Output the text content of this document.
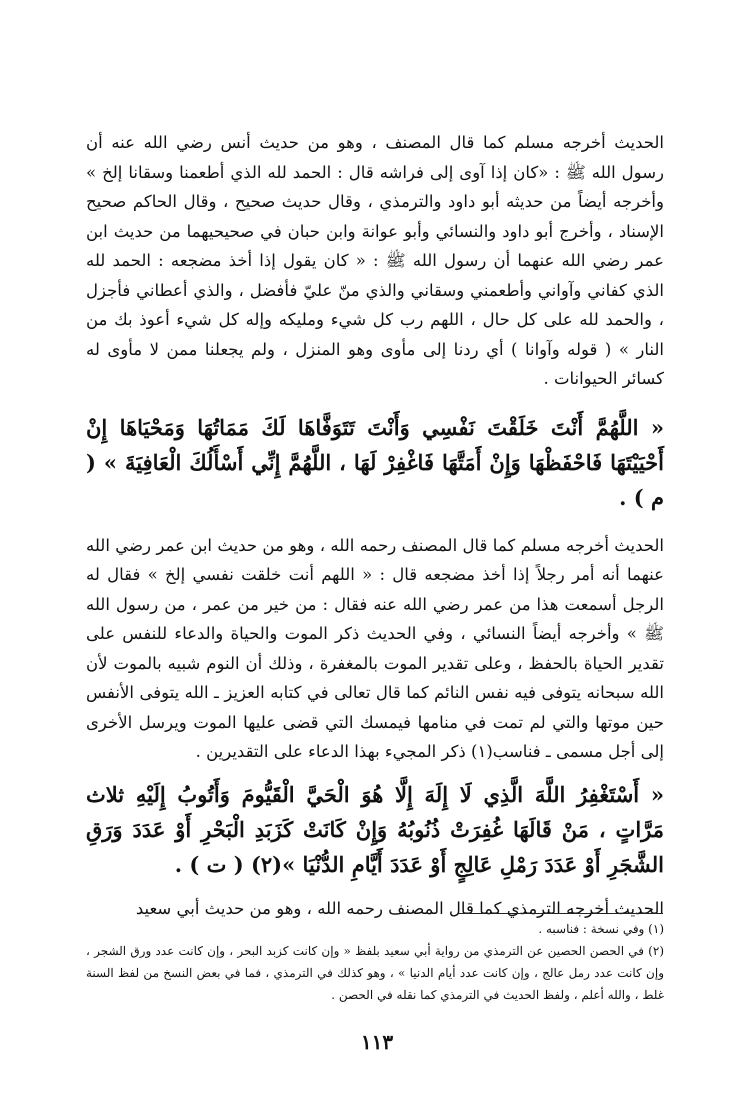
الحديث أخرجه مسلم كما قال المصنف ، وهو من حديث أنس رضي الله عنه أن رسول الله ﷺ : «كان إذا آوى إلى فراشه قال : الحمد لله الذي أطعمنا وسقانا إلخ » وأخرجه أيضاً من حديثه أبو داود والترمذي ، وقال حديث صحيح ، وقال الحاكم صحيح الإسناد ، وأخرج أبو داود والنسائي وأبو عوانة وابن حبان في صحيحيهما من حديث ابن عمر رضي الله عنهما أن رسول الله ﷺ : « كان يقول إذا أخذ مضجعه : الحمد لله الذي كفاني وآواني وأطعمني وسقاني والذي منّ عليّ فأفضل ، والذي أعطاني فأجزل ، والحمد لله على كل حال ، اللهم رب كل شيء ومليكه وإله كل شيء أعوذ بك من النار » ( قوله وآوانا ) أي ردنا إلى مأوى وهو المنزل ، ولم يجعلنا ممن لا مأوى له كسائر الحيوانات .

« اللَّهُمَّ أَنْتَ خَلَقْتَ نَفْسِي وَأَنْتَ تَتَوَفَّاهَا لَكَ مَمَاتُهَا وَمَحْيَاهَا إِنْ أَحْيَيْتَهَا فَاحْفَظْهَا وَإِنْ أَمَتَّهَا فَاغْفِرْ لَهَا ، اللَّهُمَّ إِنِّي أَسْأَلُكَ الْعَافِيَةَ » ( م ) .

الحديث أخرجه مسلم كما قال المصنف رحمه الله ، وهو من حديث ابن عمر رضي الله عنهما أنه أمر رجلاً إذا أخذ مضجعه قال : « اللهم أنت خلقت نفسي إلخ » فقال له الرجل أسمعت هذا من عمر رضي الله عنه فقال : من خير من عمر ، من رسول الله ﷺ » وأخرجه أيضاً النسائي ، وفي الحديث ذكر الموت والحياة والدعاء للنفس على تقدير الحياة بالحفظ ، وعلى تقدير الموت بالمغفرة ، وذلك أن النوم شبيه بالموت لأن الله سبحانه يتوفى فيه نفس النائم كما قال تعالى في كتابه العزيز ـ الله يتوفى الأنفس حين موتها والتي لم تمت في منامها فيمسك التي قضى عليها الموت ويرسل الأخرى إلى أجل مسمى ـ فناسب(١) ذكر المجيء بهذا الدعاء على التقديرين .

« أَسْتَغْفِرُ اللَّهَ الَّذِي لَا إِلَهَ إِلَّا هُوَ الْحَيَّ الْقَيُّومَ وَأَتُوبُ إِلَيْهِ ثلاث مَرَّاتٍ ، مَنْ قَالَهَا غُفِرَتْ ذُنُوبُهُ وَإِنْ كَانَتْ كَزَبَدِ الْبَحْرِ أَوْ عَدَدَ وَرَقِ الشَّجَرِ أَوْ عَدَدَ رَمْلِ عَالِجٍ أَوْ عَدَدَ أَيَّامِ الدُّنْيَا »(٢) ( ت ) .

الحديث أخرجه الترمذي كما قال المصنف رحمه الله ، وهو من حديث أبي سعيد

(١) وفي نسخة : فناسبه .

(٢) في الحصن الحصين عن الترمذي من رواية أبي سعيد بلفظ « وإن كانت كزبد البحر ، وإن كانت عدد ورق الشجر ، وإن كانت عدد رمل عالج ، وإن كانت عدد أيام الدنيا » ، وهو كذلك في الترمذي ، فما في بعض النسخ من لفظ السنة غلط ، والله أعلم ، ولفظ الحديث في الترمذي كما نقله في الحصن .

١١٣
